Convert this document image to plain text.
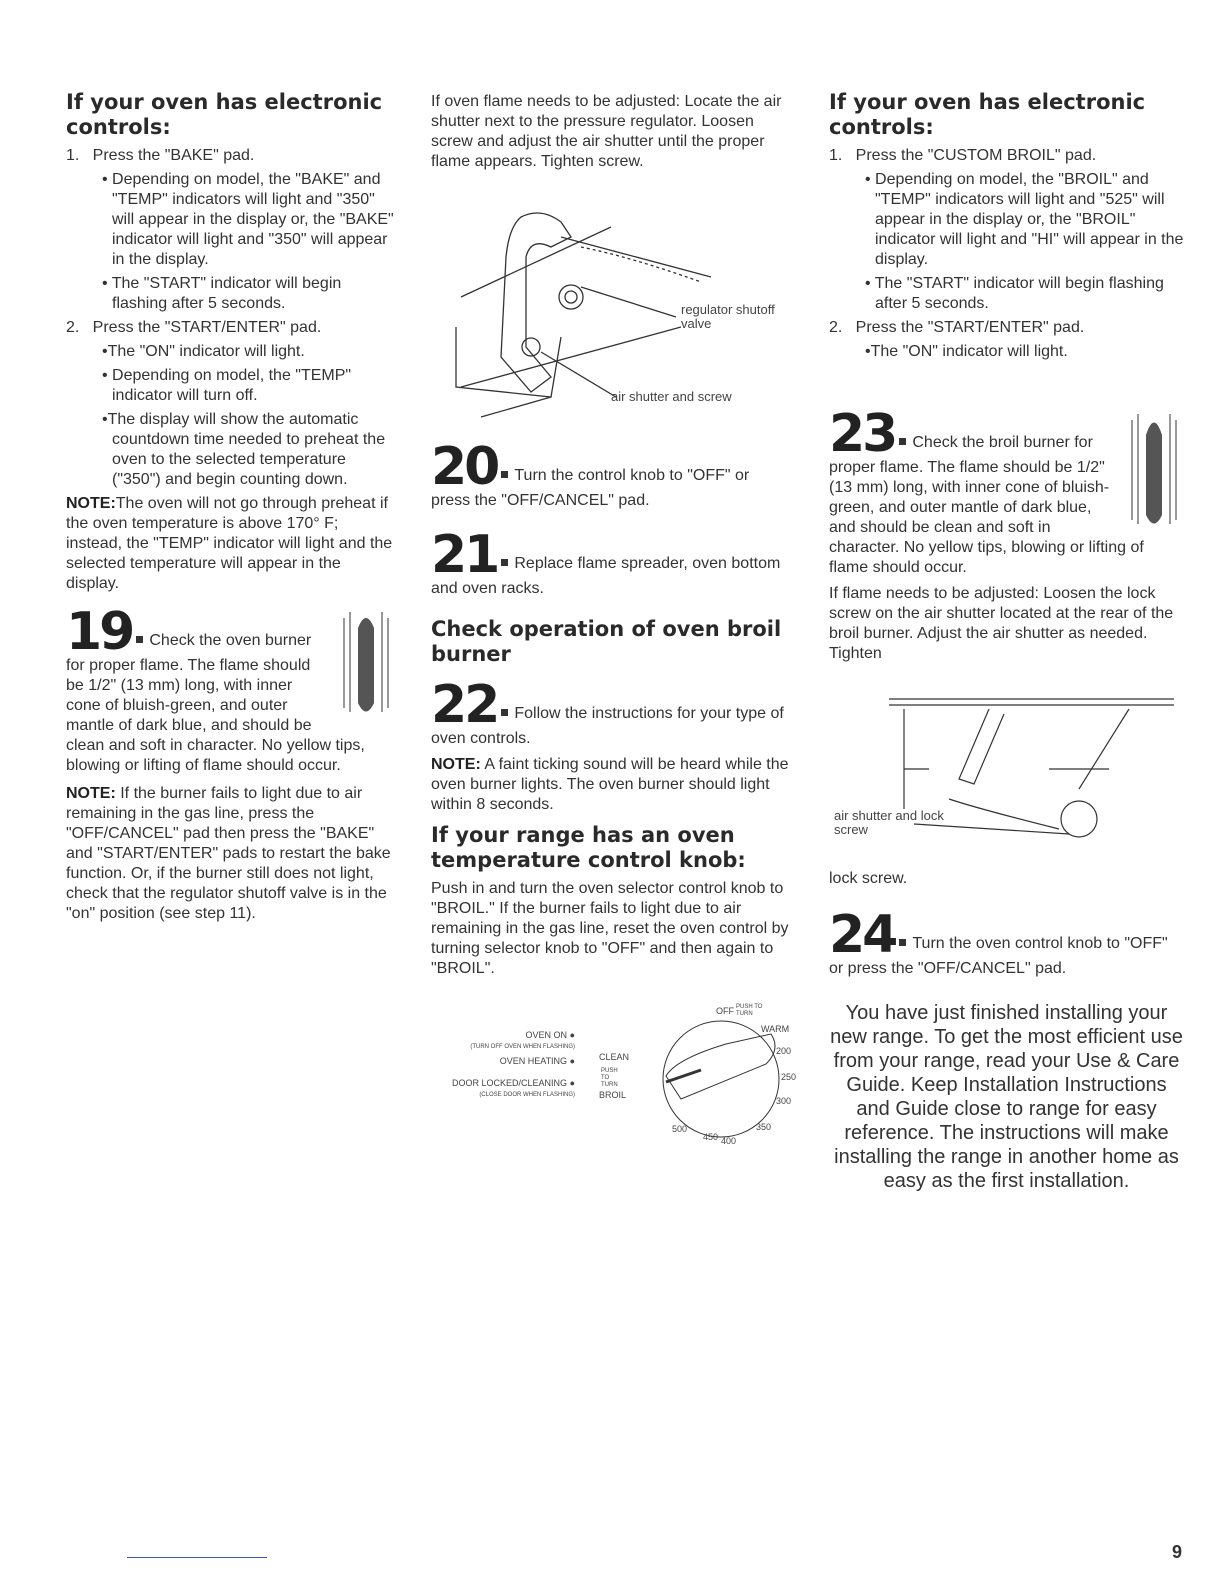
If your oven has electronic controls:

1.   Press the "BAKE" pad.

• Depending on model, the "BAKE" and "TEMP" indicators will light and "350" will appear in the display or, the "BAKE" indicator will light and "350" will appear in the display.

• The "START" indicator will begin flashing after 5 seconds.

2.   Press the "START/ENTER" pad.

•The "ON" indicator will light.

• Depending on model, the "TEMP" indicator will turn off.

•The display will show the automatic countdown time needed to preheat the oven to the selected temperature ("350") and begin counting down.

NOTE:The oven will not go through preheat if the oven temperature is above 170° F; instead, the "TEMP" indicator will light and the selected temperature will appear in the display.

19 Check the oven burner for proper flame. The flame should be 1/2" (13 mm) long, with inner cone of bluish-green, and outer mantle of dark blue, and should be clean and soft in character. No yellow tips, blowing or lifting of flame should occur.

NOTE: If the burner fails to light due to air remaining in the gas line, press the "OFF/CANCEL" pad then press the "BAKE" and "START/ENTER" pads to restart the bake function. Or, if the burner still does not light, check that the regulator shutoff valve is in the "on" position (see step 11).

If oven flame needs to be adjusted: Locate the air shutter next to the pressure regulator. Loosen screw and adjust the air shutter until the proper flame appears. Tighten screw.

regulator shutoff valve
air shutter and screw
20 Turn the control knob to "OFF" or press the "OFF/CANCEL" pad.
21 Replace flame spreader, oven bottom and oven racks.
Check operation of oven broil burner
22 Follow the instructions for your type of oven controls.

NOTE: A faint ticking sound will be heard while the oven burner lights. The oven burner should light within 8 seconds.

If your range has an oven temperature control knob:

Push in and turn the oven selector control knob to "BROIL." If the burner fails to light due to air remaining in the gas line, reset the oven control by turning selector knob to "OFF" and then again to "BROIL".

OVEN ON ●
(TURN OFF OVEN WHEN FLASHING)
OVEN HEATING ●
DOOR LOCKED/CLEANING ●
(CLOSE DOOR WHEN FLASHING)
OFF PUSH TO TURN
WARM
CLEAN
PUSH TO TURN
BROIL
200
250
300
350
400
450
500
If your oven has electronic controls:

1.   Press the "CUSTOM BROIL" pad.

• Depending on model, the "BROIL" and "TEMP" indicators will light and "525" will appear in the display or, the "BROIL" indicator will light and "HI" will appear in the display.

• The "START" indicator will begin flashing after 5 seconds.

2.   Press the "START/ENTER" pad.

•The "ON" indicator will light.

23 Check the broil burner for proper flame. The flame should be 1/2" (13 mm) long, with inner cone of bluish-green, and outer mantle of dark blue, and should be clean and soft in character. No yellow tips, blowing or lifting of flame should occur.

If flame needs to be adjusted: Loosen the lock screw on the air shutter located at the rear of the broil burner. Adjust the air shutter as needed. Tighten

air shutter and lock screw

lock screw.

24 Turn the oven control knob to "OFF" or press the "OFF/CANCEL" pad.
You have just finished installing your new range. To get the most efficient use from your range, read your Use & Care Guide. Keep Installation Instructions and Guide close to range for easy reference. The instructions will make installing the range in another home as easy as the first installation.
9
